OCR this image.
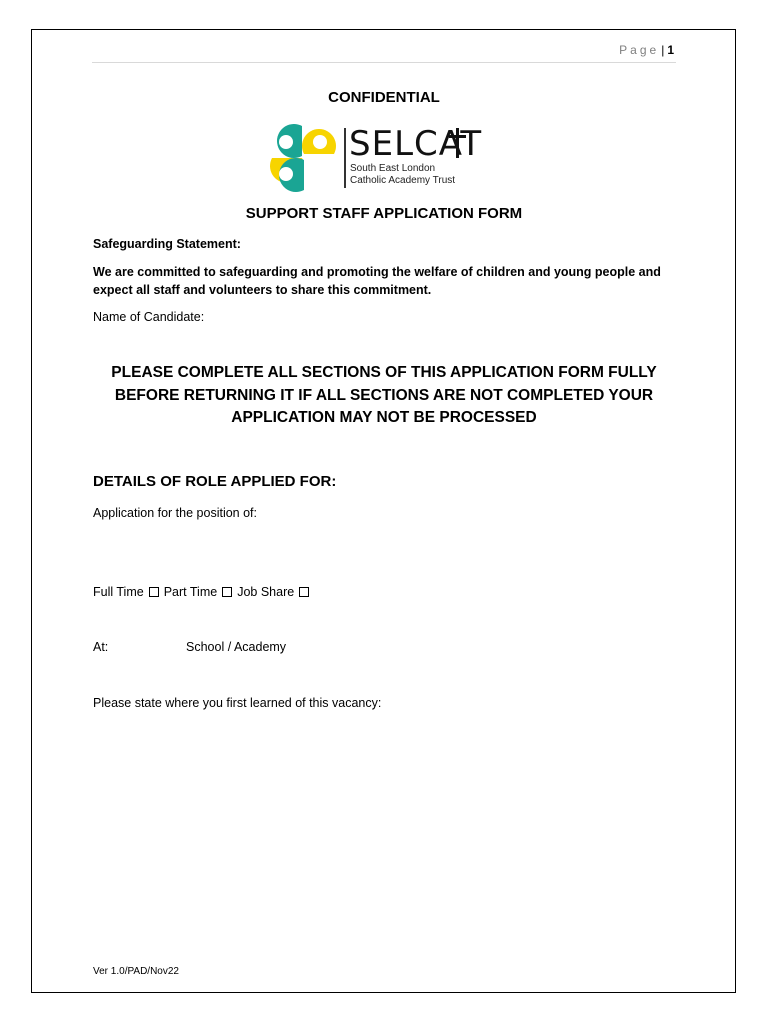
Page | 1
CONFIDENTIAL
SELCAT
South East London
Catholic Academy Trust
SUPPORT STAFF APPLICATION FORM
Safeguarding Statement:
We are committed to safeguarding and promoting the welfare of children and young people and expect all staff and volunteers to share this commitment.
Name of Candidate:
PLEASE COMPLETE ALL SECTIONS OF THIS APPLICATION FORM FULLY BEFORE RETURNING IT IF ALL SECTIONS ARE NOT COMPLETED YOUR APPLICATION MAY NOT BE PROCESSED
DETAILS OF ROLE APPLIED FOR:
Application for the position of:
Full Time Part Time Job Share
At:	School / Academy
Please state where you first learned of this vacancy:
Ver 1.0/PAD/Nov22
